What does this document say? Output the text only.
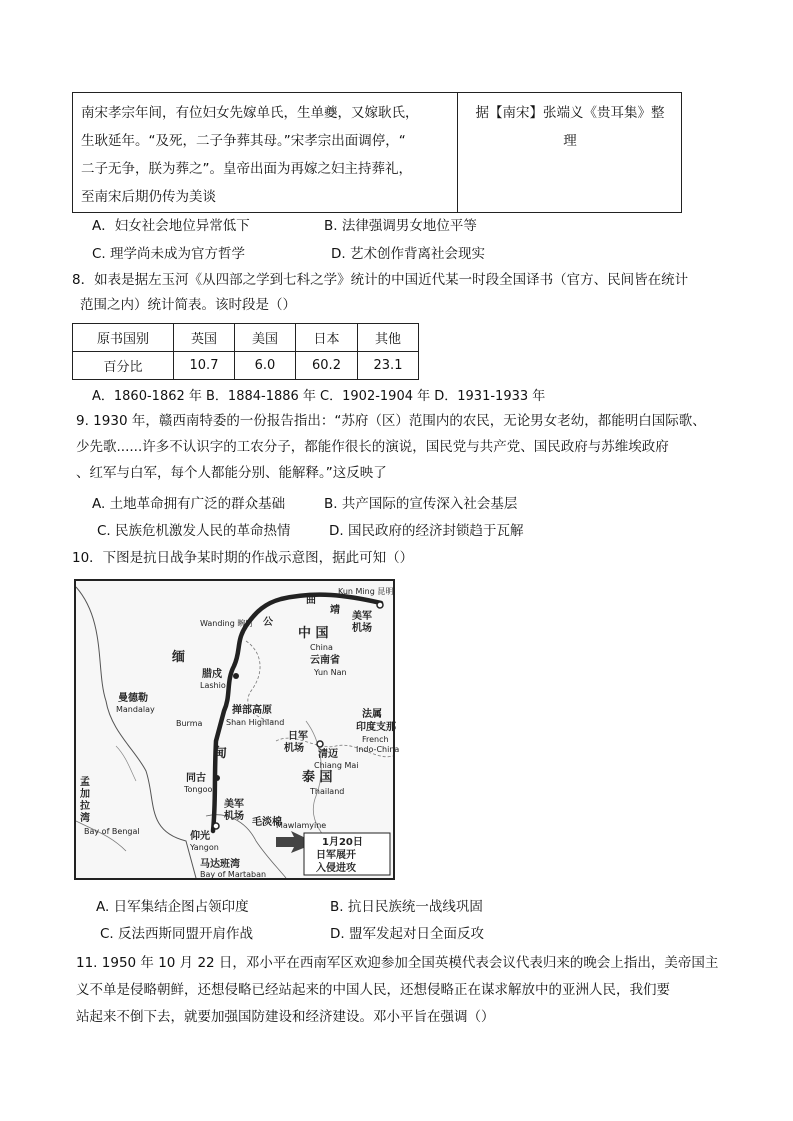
南宋孝宗年间，有位妇女先嫁单氏，生单夔，又嫁耿氏，
生耿延年。“及死，二子争葬其母。”宋孝宗出面调停，“
二子无争，朕为葬之”。皇帝出面为再嫁之妇主持葬礼，
至南宋后期仍传为美谈
据【南宋】张端义《贵耳集》整
理
A．妇女社会地位异常低下	B. 法律强调男女地位平等
C. 理学尚未成为官方哲学	D. 艺术创作背离社会现实
8．如表是据左玉河《从四部之学到七科之学》统计的中国近代某一时段全国译书（官方、民间皆在统计
范围之内）统计简表。该时段是（）
原书国别	英国	美国	日本	其他
百分比	10.7	6.0	60.2	23.1
A．1860-1862 年 B．1884-1886 年 C．1902-1904 年 D．1931-1933 年
9. 1930 年，赣西南特委的一份报告指出：“苏府（区）范围内的农民，无论男女老幼，都能明白国际歌、
少先歌......许多不认识字的工农分子，都能作很长的演说，国民党与共产党、国民政府与苏维埃政府
、红军与白军，每个人都能分别、能解释。”这反映了
A. 土地革命拥有广泛的群众基础	B. 共产国际的宣传深入社会基层
C. 民族危机激发人民的革命热情	D. 国民政府的经济封锁趋于瓦解
10．下图是抗日战争某时期的作战示意图，据此可知（）
Kun Ming 昆明
美军
机场
曲
靖
Wanding 畹町 公
中 国
China
云南省
Yun Nan
缅
甸
腊戍
Lashio
曼德勒
Mandalay
Burma
掸部高原
Shan Highland
法属
印度支那
French
Indo-China
日军
机场
清迈
Chiang Mai
泰 国
Thailand
同古
Tongoo
孟
加
拉
湾
Bay of Bengal
美军
机场
仰光
Yangon
毛淡棉
Mawlamyine
马达班湾
Bay of Martaban
1月20日
日军展开
入侵进攻
A. 日军集结企图占领印度	B. 抗日民族统一战线巩固
C. 反法西斯同盟开肩作战	D. 盟军发起对日全面反攻
11. 1950 年 10 月 22 日，邓小平在西南军区欢迎参加全国英模代表会议代表归来的晚会上指出，美帝国主
义不单是侵略朝鲜，还想侵略已经站起来的中国人民，还想侵略正在谋求解放中的亚洲人民，我们要
站起来不倒下去，就要加强国防建设和经济建设。邓小平旨在强调（）
